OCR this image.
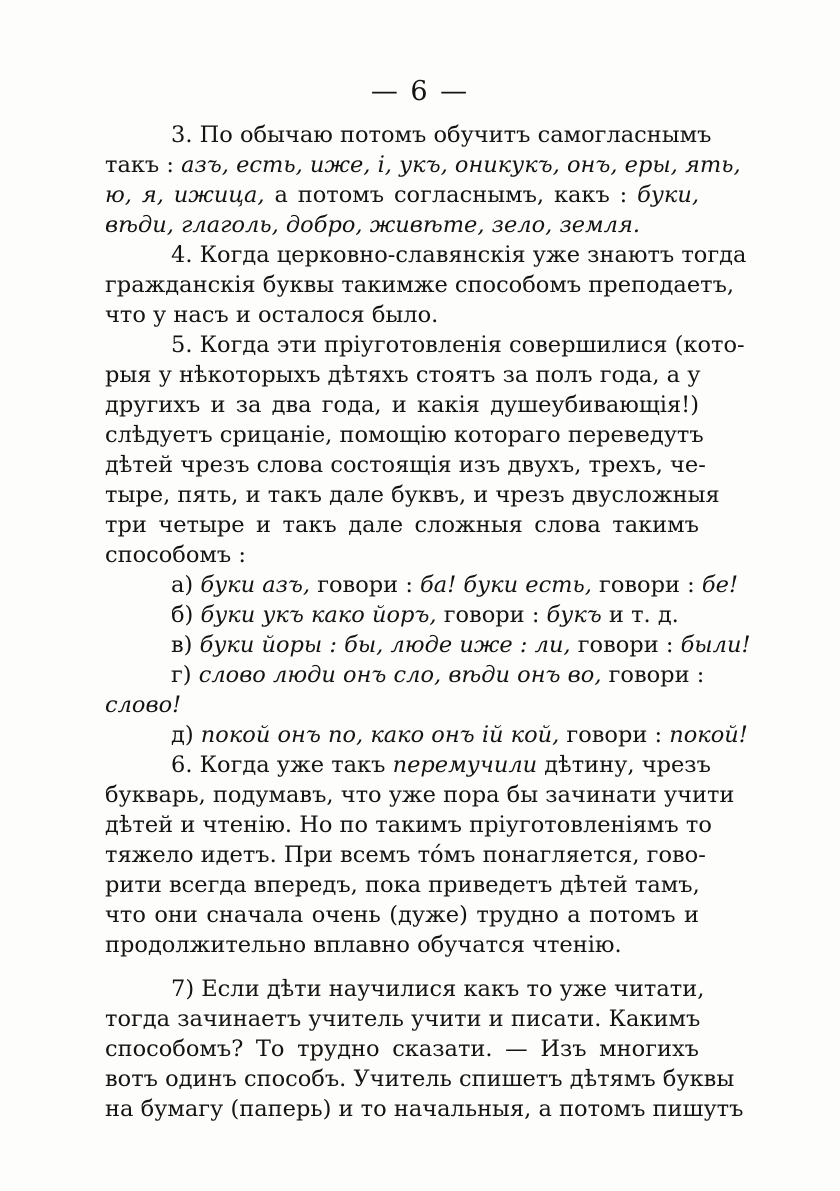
— 6 —
3. По обычаю потомъ обучитъ самогласнымъ
такъ : азъ, есть, иже, і, укъ, оникукъ, онъ, еры, ять,
ю, я, ижица, а потомъ согласнымъ, какъ : буки,
вѣди, глаголь, добро, живѣте, зело, земля.
4. Когда церковно-славянскія уже знаютъ тогда
гражданскія буквы такимже способомъ преподаетъ,
что у насъ и осталося было.
5. Когда эти пріуготовленія совершилися (кото-
рыя у нѣкоторыхъ дѣтяхъ стоятъ за полъ года, а у
другихъ и за два года, и какія душеубивающія!)
слѣдуетъ срицаніе, помощію котораго переведутъ
дѣтей чрезъ слова состоящія изъ двухъ, трехъ, че-
тыре, пять, и такъ дале буквъ, и чрезъ двусложныя
три четыре и такъ дале сложныя слова такимъ
способомъ :
а) буки азъ, говори : ба! буки есть, говори : бе!
б) буки укъ како йоръ, говори : букъ и т. д.
в) буки йоры : бы, люде иже : ли, говори : были!
г) слово люди онъ сло, вѣди онъ во, говори :
слово!
д) покой онъ по, како онъ ій кой, говори : покой!
6. Когда уже такъ перемучили дѣтину, чрезъ
букварь, подумавъ, что уже пора бы зачинати учити
дѣтей и чтенію. Но по такимъ пріуготовленіямъ то
тяжело идетъ. При всемъ то́мъ понагляется, гово-
рити всегда впередъ, пока приведетъ дѣтей тамъ,
что они сначала очень (дуже) трудно а потомъ и
продолжительно вплавно обучатся чтенію.
7) Если дѣти научилися какъ то уже читати,
тогда зачинаетъ учитель учити и писати. Какимъ
способомъ? То трудно сказати. — Изъ многихъ
вотъ одинъ способъ. Учитель спишетъ дѣтямъ буквы
на бумагу (паперь) и то начальныя, а потомъ пишутъ
